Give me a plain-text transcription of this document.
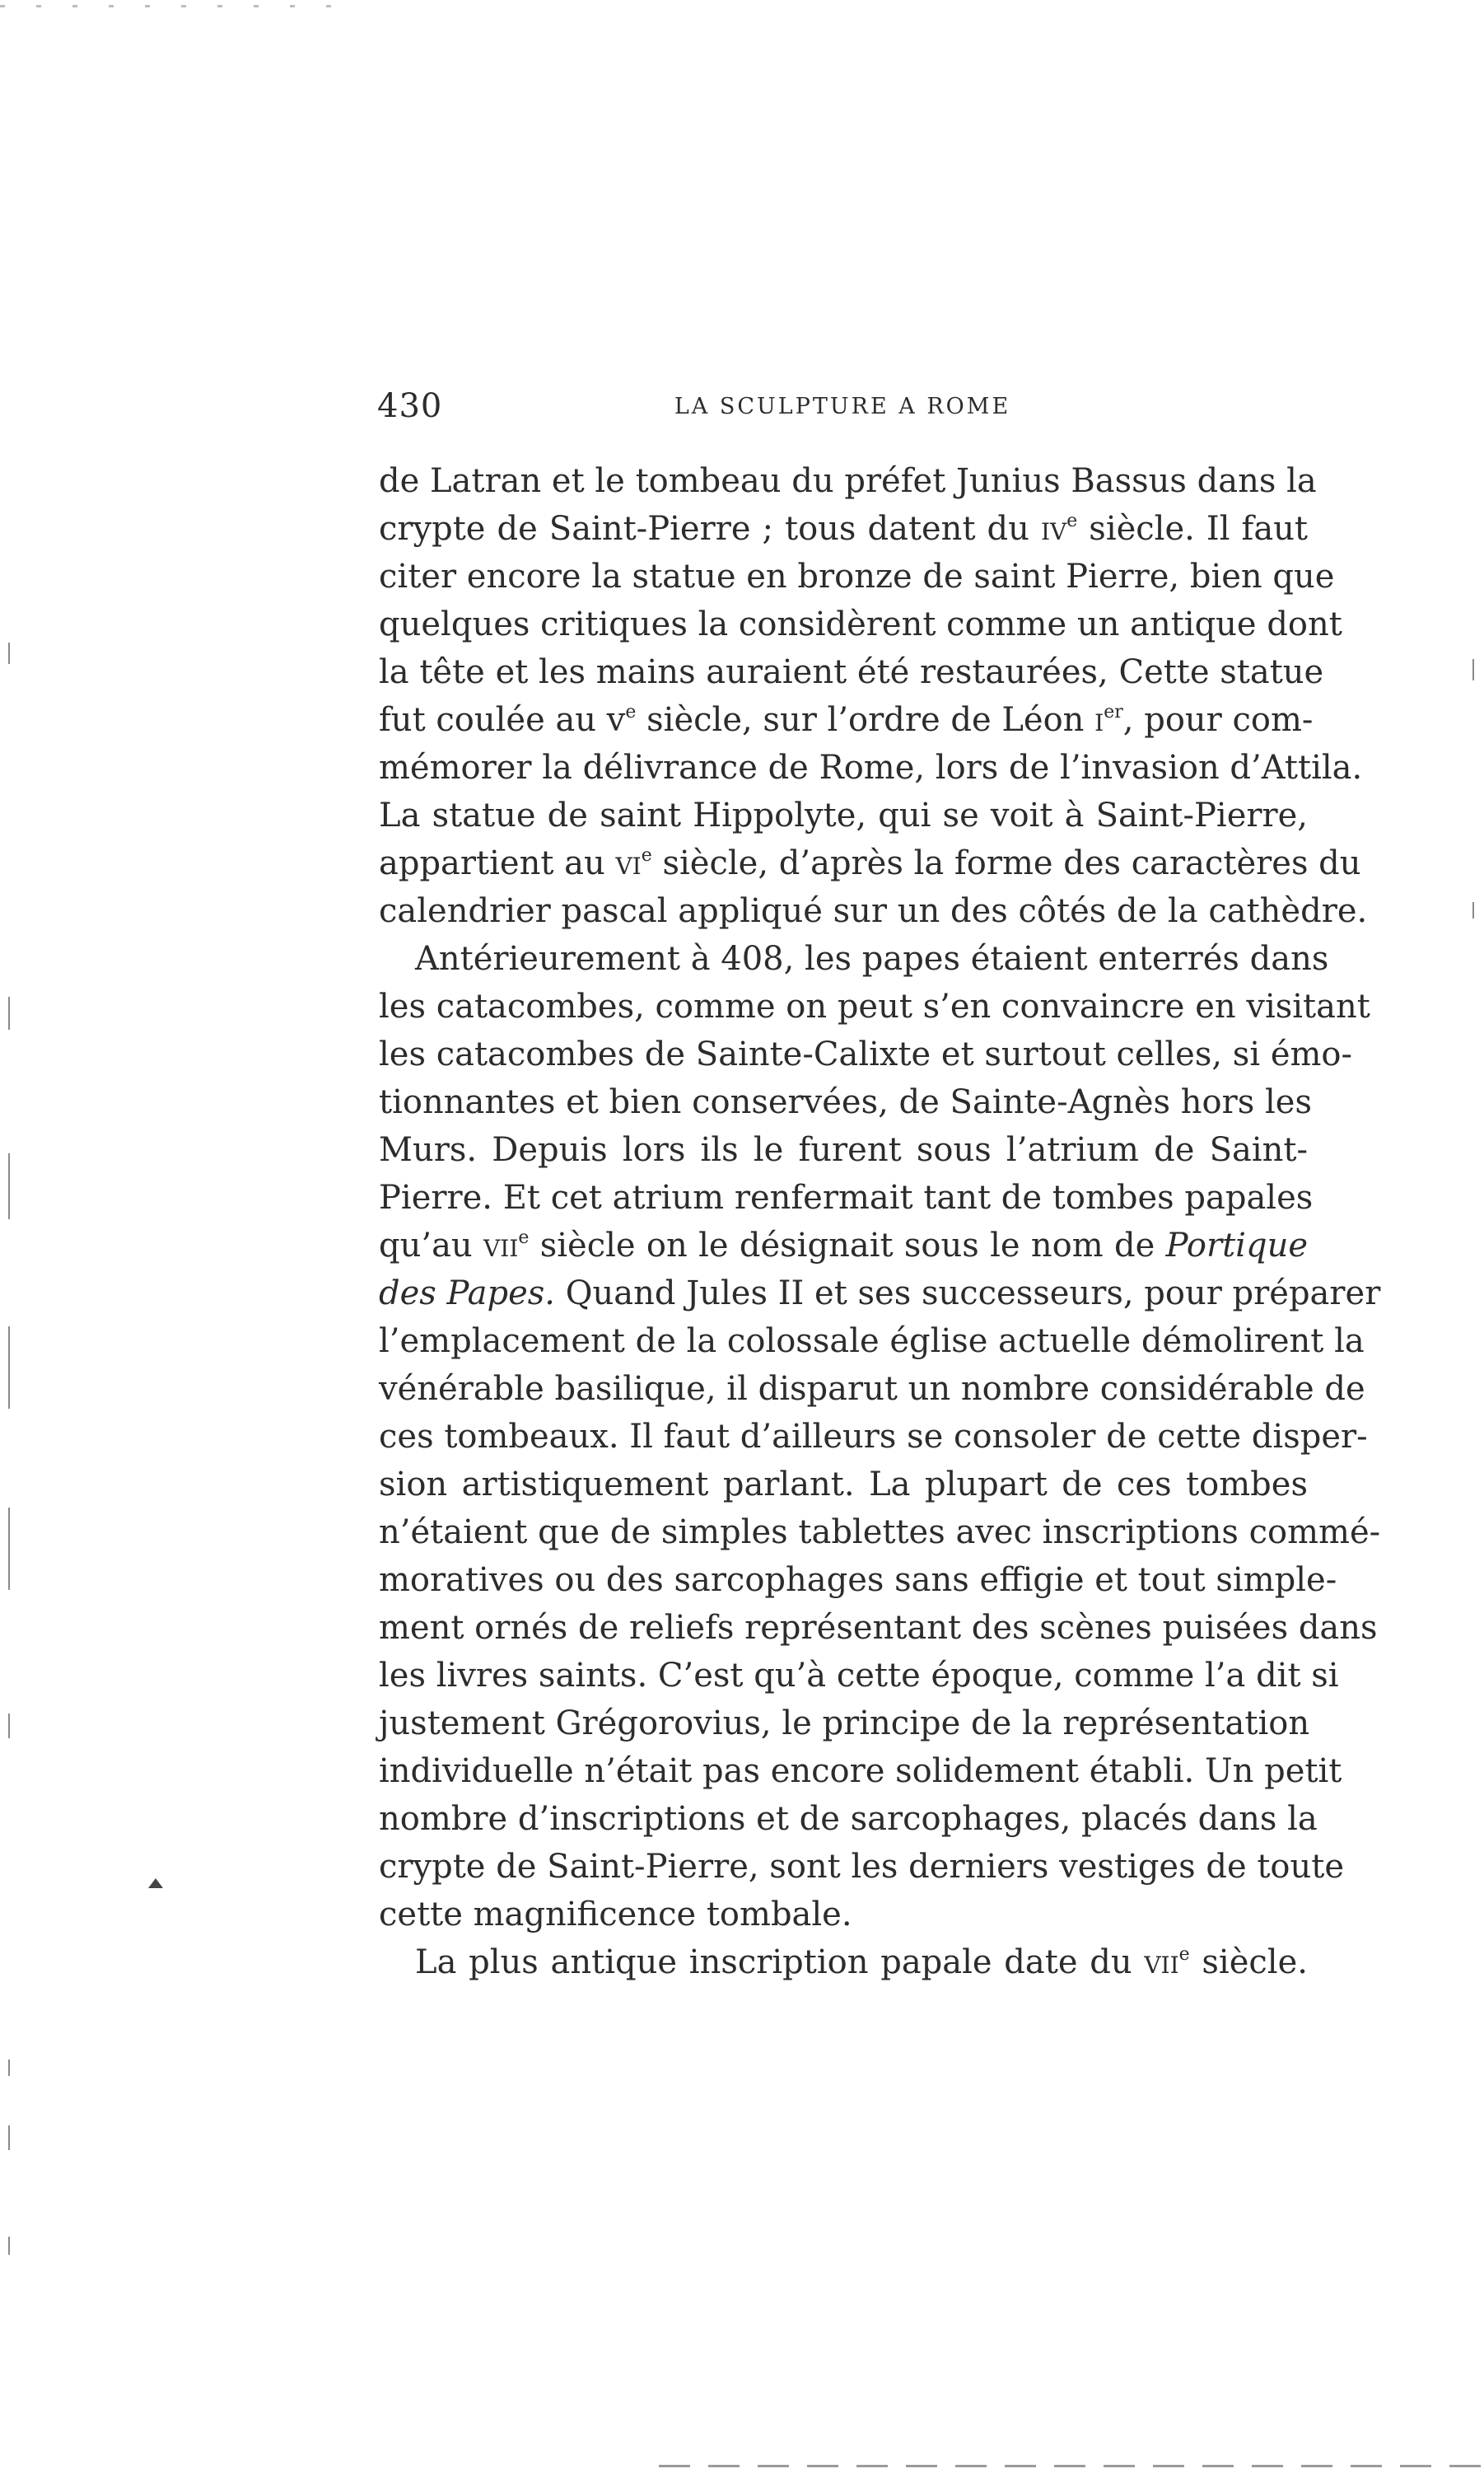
430	LA SCULPTURE A ROME
de Latran et le tombeau du préfet Junius Bassus dans la
crypte de Saint-Pierre ; tous datent du $iv^e$ siècle. Il faut
citer encore la statue en bronze de saint Pierre, bien que
quelques critiques la considèrent comme un antique dont
la tête et les mains auraient été restaurées, Cette statue
fut coulée au $v^e$ siècle, sur l’ordre de Léon $i^{er}$, pour com-
mémorer la délivrance de Rome, lors de l’invasion d’Attila.
La statue de saint Hippolyte, qui se voit à Saint-Pierre,
appartient au $vi^e$ siècle, d’après la forme des caractères du
calendrier pascal appliqué sur un des côtés de la cathèdre.
Antérieurement à 408, les papes étaient enterrés dans
les catacombes, comme on peut s’en convaincre en visitant
les catacombes de Sainte-Calixte et surtout celles, si émo-
tionnantes et bien conservées, de Sainte-Agnès hors les
Murs. Depuis lors ils le furent sous l’atrium de Saint-
Pierre. Et cet atrium renfermait tant de tombes papales
qu’au vii$^e$ siècle on le désignait sous le nom de Portique
des Papes. Quand Jules II et ses successeurs, pour préparer
l’emplacement de la colossale église actuelle démolirent la
vénérable basilique, il disparut un nombre considérable de
ces tombeaux. Il faut d’ailleurs se consoler de cette disper-
sion artistiquement parlant. La plupart de ces tombes
n’étaient que de simples tablettes avec inscriptions commé-
moratives ou des sarcophages sans effigie et tout simple-
ment ornés de reliefs représentant des scènes puisées dans
les livres saints. C’est qu’à cette époque, comme l’a dit si
justement Grégorovius, le principe de la représentation
individuelle n’était pas encore solidement établi. Un petit
nombre d’inscriptions et de sarcophages, placés dans la
crypte de Saint-Pierre, sont les derniers vestiges de toute
cette magnificence tombale.
La plus antique inscription papale date du vii$^e$ siècle.
